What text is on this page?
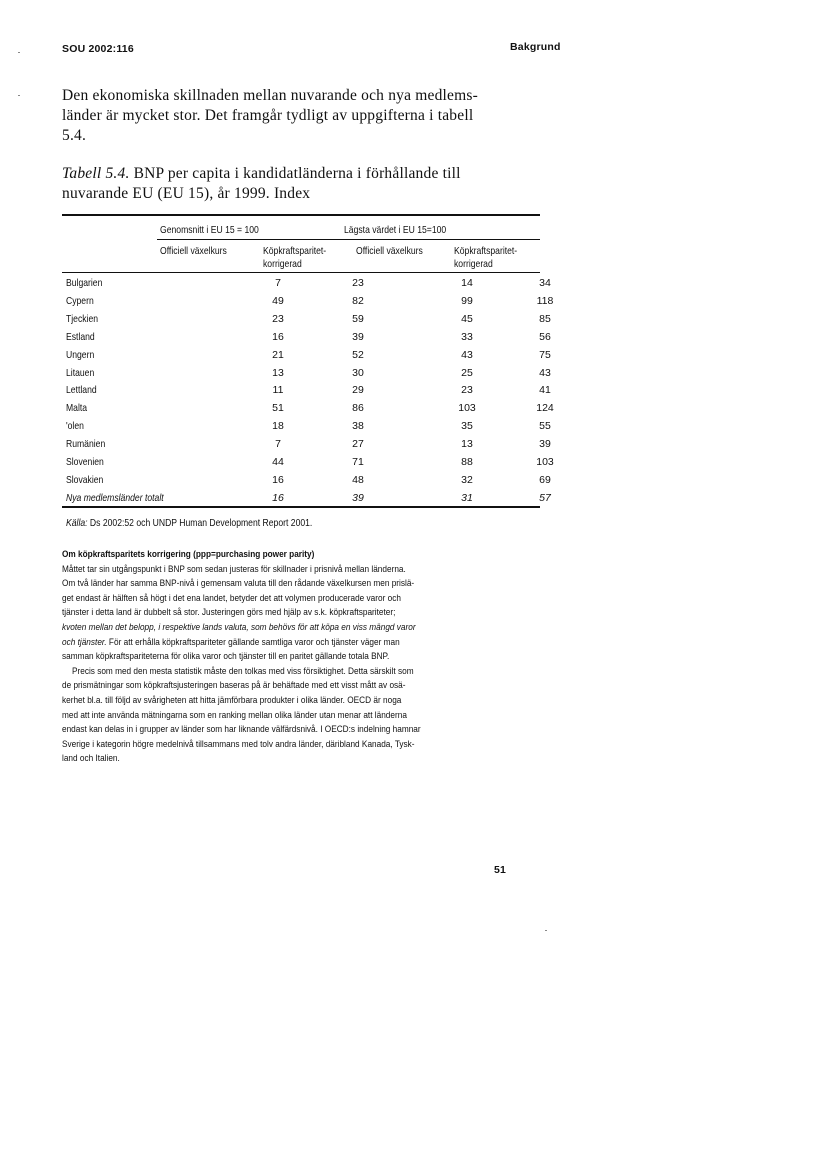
SOU 2002:116	Bakgrund
Den ekonomiska skillnaden mellan nuvarande och nya medlems-
länder är mycket stor. Det framgår tydligt av uppgifterna i tabell
5.4.
Tabell 5.4. BNP per capita i kandidatländerna i förhållande till
nuvarande EU (EU 15), år 1999. Index
Genomsnitt i EU 15 = 100	Lägsta värdet i EU 15=100
Officiell växelkurs	Köpkraftsparitet-
korrigerad
Officiell växelkurs	Köpkraftsparitet-
korrigerad
Bulgarien	7	23	14	34
Cypern	49	82	99	118
Tjeckien	23	59	45	85
Estland	16	39	33	56
Ungern	21	52	43	75
Litauen	13	30	25	43
Lettland	11	29	23	41
Malta	51	86	103	124
'olen	18	38	35	55
Rumänien	7	27	13	39
Slovenien	44	71	88	103
Slovakien	16	48	32	69
Nya medlemsländer totalt	16	39	31	57
Källa: Ds 2002:52 och UNDP Human Development Report 2001.

Om köpkraftsparitets korrigering (ppp=purchasing power parity)

Måttet tar sin utgångspunkt i BNP som sedan justeras för skillnader i prisnivå mellan länderna.
Om två länder har samma BNP-nivå i gemensam valuta till den rådande växelkursen men prislä-
get endast är hälften så högt i det ena landet, betyder det att volymen producerade varor och
tjänster i detta land är dubbelt så stor. Justeringen görs med hjälp av s.k. köpkraftspariteter;
kvoten mellan det belopp, i respektive lands valuta, som behövs för att köpa en viss mängd varor
och tjänster. För att erhålla köpkraftspariteter gällande samtliga varor och tjänster väger man
samman köpkraftspariteterna för olika varor och tjänster till en paritet gällande totala BNP.
Precis som med den mesta statistik måste den tolkas med viss försiktighet. Detta särskilt som
de prismätningar som köpkraftsjusteringen baseras på är behäftade med ett visst mått av osä-
kerhet bl.a. till följd av svårigheten att hitta jämförbara produkter i olika länder. OECD är noga
med att inte använda mätningarna som en ranking mellan olika länder utan menar att länderna
endast kan delas in i grupper av länder som har liknande välfärdsnivå. I OECD:s indelning hamnar
Sverige i kategorin högre medelnivå tillsammans med tolv andra länder, däribland Kanada, Tysk-
land och Italien.
51
